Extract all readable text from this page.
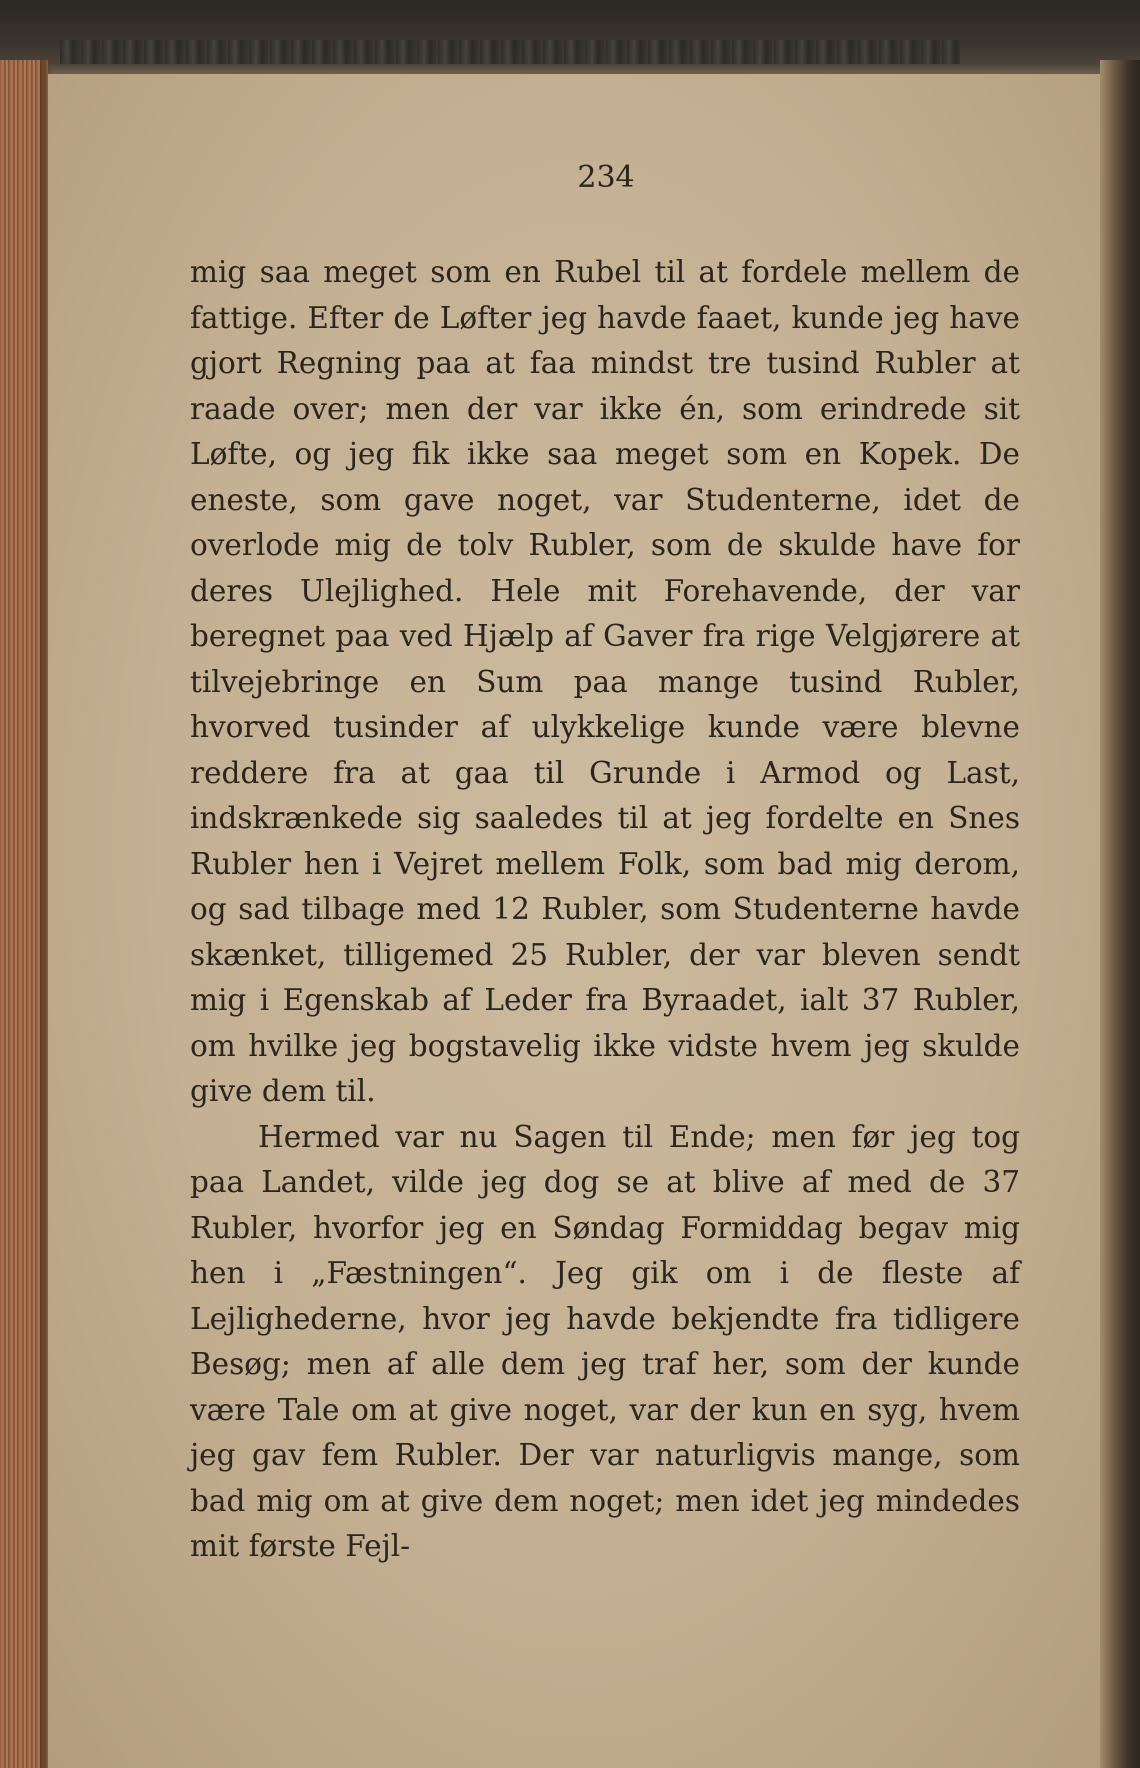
234

mig saa meget som en Rubel til at fordele mellem de fattige. Efter de Løfter jeg havde faaet, kunde jeg have gjort Regning paa at faa mindst tre tusind Rubler at raade over; men der var ikke én, som erindrede sit Løfte, og jeg fik ikke saa meget som en Kopek. De eneste, som gave noget, var Studenterne, idet de overlode mig de tolv Rubler, som de skulde have for deres Ulejlighed. Hele mit Forehavende, der var beregnet paa ved Hjælp af Gaver fra rige Velgjørere at tilvejebringe en Sum paa mange tusind Rubler, hvorved tusinder af ulykkelige kunde være blevne reddere fra at gaa til Grunde i Armod og Last, indskrænkede sig saaledes til at jeg fordelte en Snes Rubler hen i Vejret mellem Folk, som bad mig derom, og sad tilbage med 12 Rubler, som Studenterne havde skænket, tilligemed 25 Rubler, der var bleven sendt mig i Egenskab af Leder fra Byraadet, ialt 37 Rubler, om hvilke jeg bogstavelig ikke vidste hvem jeg skulde give dem til.

Hermed var nu Sagen til Ende; men før jeg tog paa Landet, vilde jeg dog se at blive af med de 37 Rubler, hvorfor jeg en Søndag Formiddag begav mig hen i „Fæstningen“. Jeg gik om i de fleste af Lejlighederne, hvor jeg havde bekjendte fra tidligere Besøg; men af alle dem jeg traf her, som der kunde være Tale om at give noget, var der kun en syg, hvem jeg gav fem Rubler. Der var naturligvis mange, som bad mig om at give dem noget; men idet jeg mindedes mit første Fejl-
